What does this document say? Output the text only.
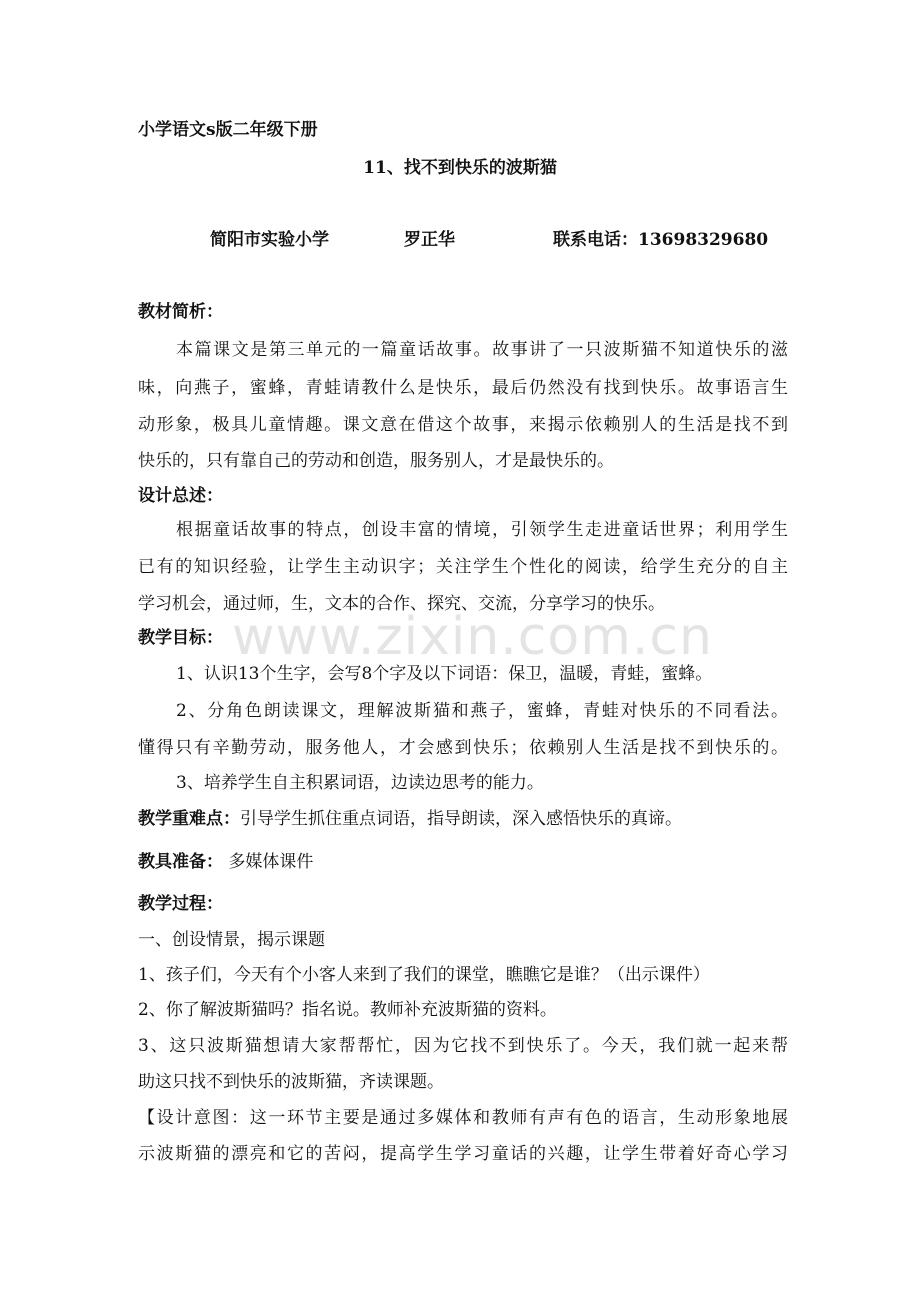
小学语文s版二年级下册
11、找不到快乐的波斯猫
简阳市实验小学	罗正华	联系电话：13698329680
教材简析：
本篇课文是第三单元的一篇童话故事。故事讲了一只波斯猫不知道快乐的滋
味，向燕子，蜜蜂，青蛙请教什么是快乐，最后仍然没有找到快乐。故事语言生
动形象，极具儿童情趣。课文意在借这个故事，来揭示依赖别人的生活是找不到
快乐的，只有靠自己的劳动和创造，服务别人，才是最快乐的。
设计总述：
根据童话故事的特点，创设丰富的情境，引领学生走进童话世界；利用学生
已有的知识经验，让学生主动识字；关注学生个性化的阅读，给学生充分的自主
学习机会，通过师，生，文本的合作、探究、交流，分享学习的快乐。
www.zixin.com.cn
教学目标：
1、认识13个生字，会写8个字及以下词语：保卫，温暖，青蛙，蜜蜂。
2、分角色朗读课文，理解波斯猫和燕子，蜜蜂，青蛙对快乐的不同看法。
懂得只有辛勤劳动，服务他人，才会感到快乐；依赖别人生活是找不到快乐的。
3、培养学生自主积累词语，边读边思考的能力。
教学重难点：引导学生抓住重点词语，指导朗读，深入感悟快乐的真谛。
教具准备： 多媒体课件
教学过程：
一、创设情景，揭示课题
1、孩子们，今天有个小客人来到了我们的课堂，瞧瞧它是谁？（出示课件）
2、你了解波斯猫吗？指名说。教师补充波斯猫的资料。
3、这只波斯猫想请大家帮帮忙，因为它找不到快乐了。今天，我们就一起来帮
助这只找不到快乐的波斯猫，齐读课题。
【设计意图：这一环节主要是通过多媒体和教师有声有色的语言，生动形象地展
示波斯猫的漂亮和它的苦闷，提高学生学习童话的兴趣，让学生带着好奇心学习
